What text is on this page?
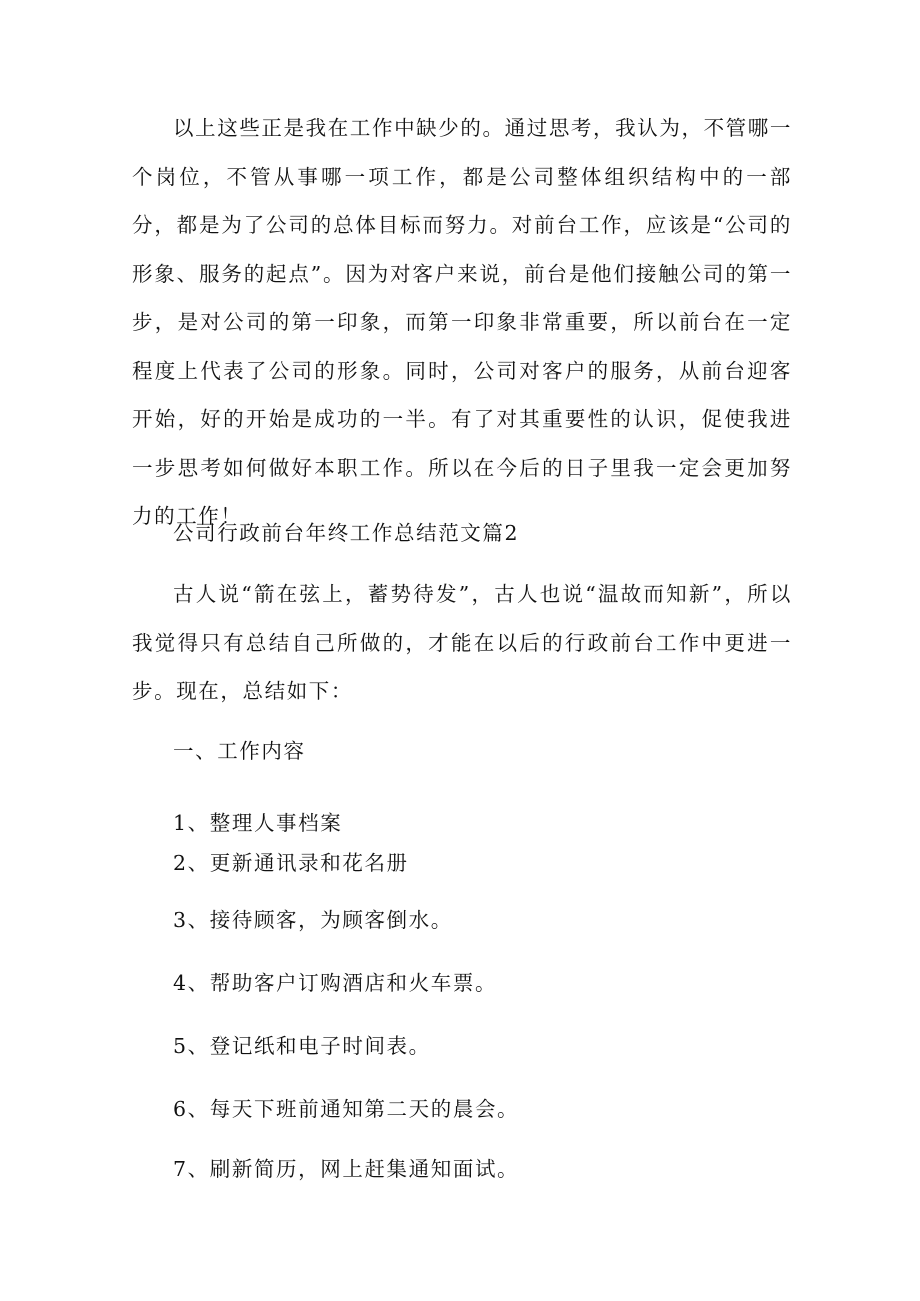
以上这些正是我在工作中缺少的。通过思考，我认为，不管哪一个岗位，不管从事哪一项工作，都是公司整体组织结构中的一部分，都是为了公司的总体目标而努力。对前台工作，应该是“公司的形象、服务的起点”。因为对客户来说，前台是他们接触公司的第一步，是对公司的第一印象，而第一印象非常重要，所以前台在一定程度上代表了公司的形象。同时，公司对客户的服务，从前台迎客开始，好的开始是成功的一半。有了对其重要性的认识，促使我进一步思考如何做好本职工作。所以在今后的日子里我一定会更加努力的工作！

公司行政前台年终工作总结范文篇2

古人说“箭在弦上，蓄势待发”，古人也说“温故而知新”，所以我觉得只有总结自己所做的，才能在以后的行政前台工作中更进一步。现在，总结如下：

一、工作内容

1、整理人事档案

2、更新通讯录和花名册

3、接待顾客，为顾客倒水。

4、帮助客户订购酒店和火车票。

5、登记纸和电子时间表。

6、每天下班前通知第二天的晨会。

7、刷新简历，网上赶集通知面试。
